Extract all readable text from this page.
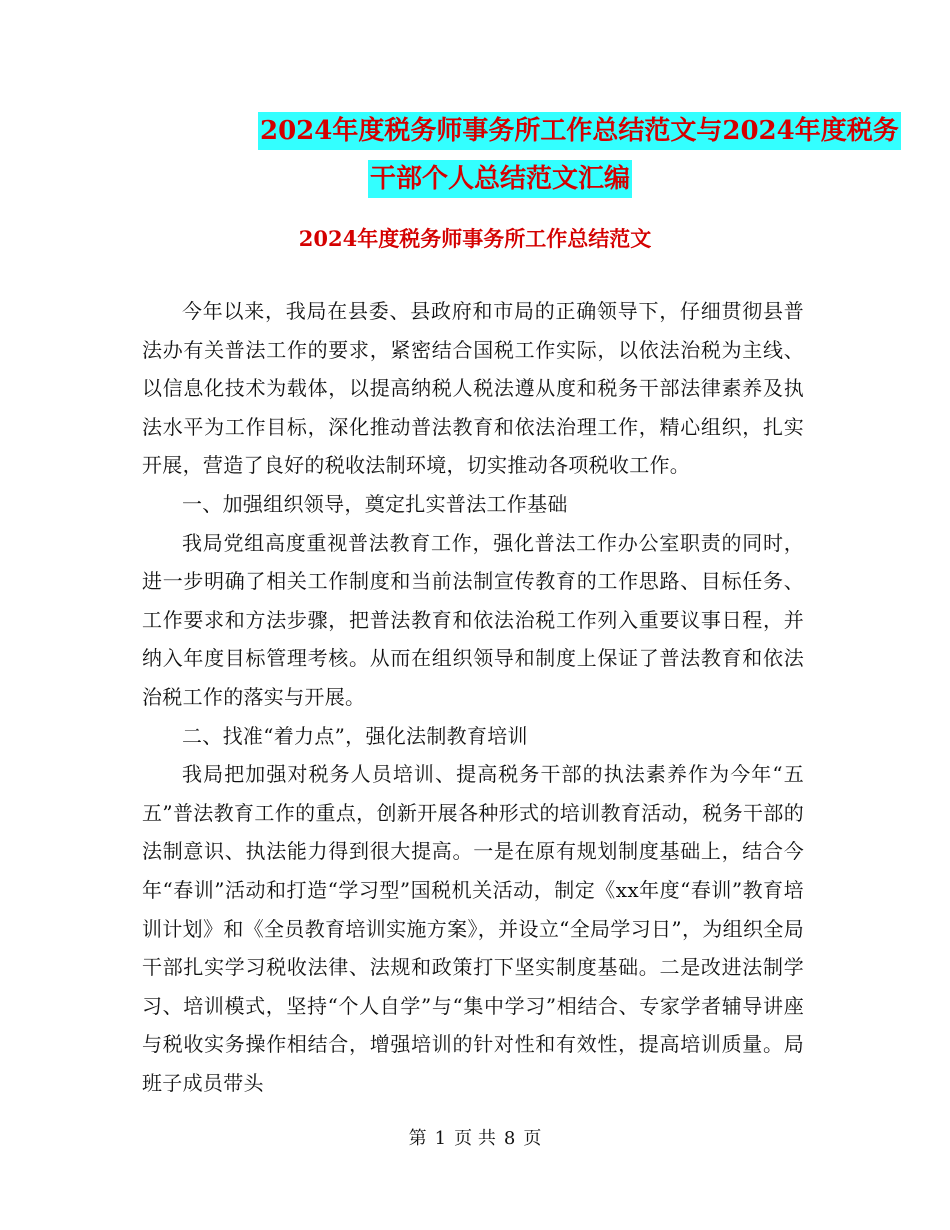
2024年度税务师事务所工作总结范文与2024年度税务
干部个人总结范文汇编
2024年度税务师事务所工作总结范文

今年以来，我局在县委、县政府和市局的正确领导下，仔细贯彻县普法办有关普法工作的要求，紧密结合国税工作实际，以依法治税为主线、以信息化技术为载体，以提高纳税人税法遵从度和税务干部法律素养及执法水平为工作目标，深化推动普法教育和依法治理工作，精心组织，扎实开展，营造了良好的税收法制环境，切实推动各项税收工作。

一、加强组织领导，奠定扎实普法工作基础

我局党组高度重视普法教育工作，强化普法工作办公室职责的同时，进一步明确了相关工作制度和当前法制宣传教育的工作思路、目标任务、工作要求和方法步骤，把普法教育和依法治税工作列入重要议事日程，并纳入年度目标管理考核。从而在组织领导和制度上保证了普法教育和依法治税工作的落实与开展。

二、找准“着力点”，强化法制教育培训

我局把加强对税务人员培训、提高税务干部的执法素养作为今年“五五”普法教育工作的重点，创新开展各种形式的培训教育活动，税务干部的法制意识、执法能力得到很大提高。一是在原有规划制度基础上，结合今年“春训”活动和打造“学习型”国税机关活动，制定《xx年度“春训”教育培训计划》和《全员教育培训实施方案》，并设立“全局学习日”，为组织全局干部扎实学习税收法律、法规和政策打下坚实制度基础。二是改进法制学习、培训模式，坚持“个人自学”与“集中学习”相结合、专家学者辅导讲座与税收实务操作相结合，增强培训的针对性和有效性，提高培训质量。局班子成员带头

第 1 页 共 8 页
